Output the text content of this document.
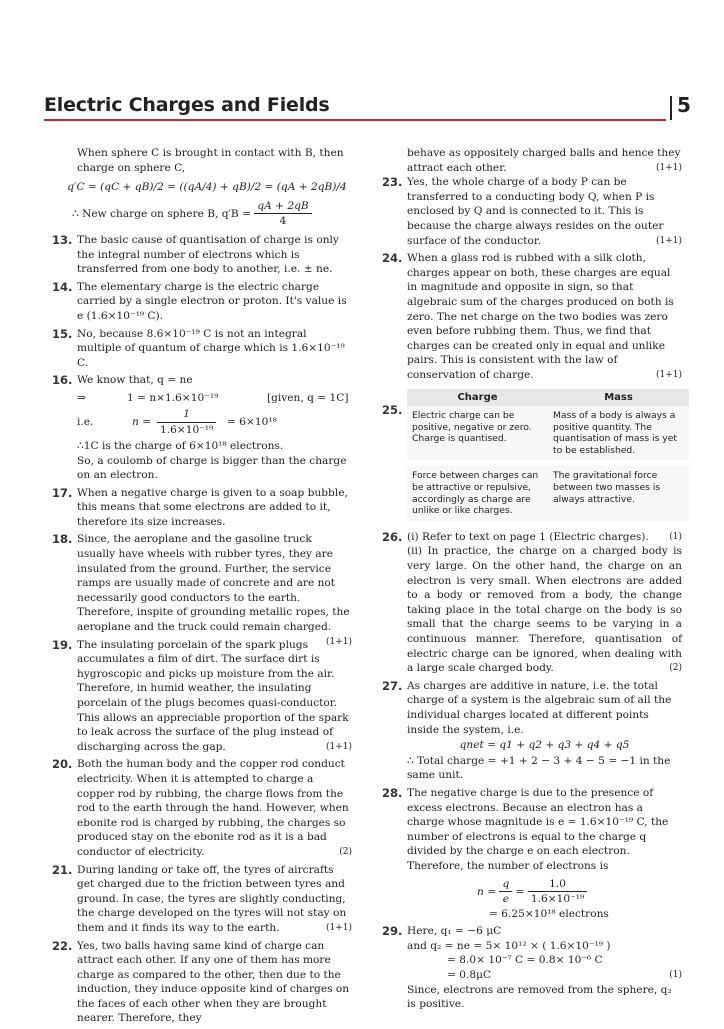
Electric Charges and Fields	5

When sphere C is brought in contact with B, then charge on sphere C,

q′C = (qC + qB)/2 = ((qA/4) + qB)/2 = (qA + 2qB)/4
∴ New charge on sphere B, $q'B = \frac{qA + 2qB}{4}$
13. The basic cause of quantisation of charge is only the integral number of electrons which is transferred from one body to another, i.e. ± ne.
14. The elementary charge is the electric charge carried by a single electron or proton. It's value is e (1.6×10⁻¹⁹ C).
15. No, because 8.6×10⁻¹⁹ C is not an integral multiple of quantum of charge which is 1.6×10⁻¹⁹ C.
16. We know that, q = ne
⇒	1 = n×1.6×10⁻¹⁹	[given, q = 1C]
i.e.	$n = \frac{1}{\text{1.6×10⁻¹⁹}} = 6\times 10^{18}$

∴1C is the charge of 6×10¹⁸ electrons.

So, a coulomb of charge is bigger than the charge on an electron.

17. When a negative charge is given to a soap bubble, this means that some electrons are added to it, therefore its size increases.
18. Since, the aeroplane and the gasoline truck usually have wheels with rubber tyres, they are insulated from the ground. Further, the service ramps are usually made of concrete and are not necessarily good conductors to the earth. Therefore, inspite of grounding metallic ropes, the aeroplane and the truck could remain charged.
(1+1)
19. The insulating porcelain of the spark plugs accumulates a film of dirt. The surface dirt is hygroscopic and picks up moisture from the air. Therefore, in humid weather, the insulating porcelain of the plugs becomes quasi-conductor. This allows an appreciable proportion of the spark to leak across the surface of the plug instead of discharging across the gap.	(1+1)
20. Both the human body and the copper rod conduct electricity. When it is attempted to charge a copper rod by rubbing, the charge flows from the rod to the earth through the hand. However, when ebonite rod is charged by rubbing, the charges so produced stay on the ebonite rod as it is a bad conductor of electricity.	(2)
21. During landing or take off, the tyres of aircrafts get charged due to the friction between tyres and ground. In case, the tyres are slightly conducting, the charge developed on the tyres will not stay on them and it finds its way to the earth.	(1+1)
22. Yes, two balls having same kind of charge can attract each other. If any one of them has more charge as compared to the other, then due to the induction, they induce opposite kind of charges on the faces of each other when they are brought nearer. Therefore, they
behave as oppositely charged balls and hence they attract each other.	(1+1)
23. Yes, the whole charge of a body P can be transferred to a conducting body Q, when P is enclosed by Q and is connected to it. This is because the charge always resides on the outer surface of the conductor.	(1+1)
24. When a glass rod is rubbed with a silk cloth, charges appear on both, these charges are equal in magnitude and opposite in sign, so that algebraic sum of the charges produced on both is zero. The net charge on the two bodies was zero even before rubbing them. Thus, we find that charges can be created only in equal and unlike pairs. This is consistent with the law of conservation of charge.	(1+1)
25.
Charge	Mass
Electric charge can be positive, negative or zero. Charge is quantised.	Mass of a body is always a positive quantity. The quantisation of mass is yet to be established.
Force between charges can be attractive or repulsive, accordingly as charge are unlike or like charges.	The gravitational force between two masses is always attractive.
26. (i) Refer to text on page 1 (Electric charges). (1)
(ii) In practice, the charge on a charged body is very large. On the other hand, the charge on an electron is very small. When electrons are added to a body or removed from a body, the change taking place in the total charge on the body is so small that the charge seems to be varying in a continuous manner. Therefore, quantisation of electric charge can be ignored, when dealing with a large scale charged body.	(2)
27. As charges are additive in nature, i.e. the total charge of a system is the algebraic sum of all the individual charges located at different points inside the system, i.e.
qnet = q1 + q2 + q3 + q4 + q5
∴ Total charge = +1 + 2 − 3 + 4 − 5 = −1 in the same unit.
28. The negative charge is due to the presence of excess electrons. Because an electron has a charge whose magnitude is e = 1.6×10⁻¹⁹ C, the number of electrons is equal to the charge q divided by the charge e on each electron.
Therefore, the number of electrons is
$n = \frac{q}{e} = \frac{1.0}{\text{1.6×10⁻¹⁹}}$
= 6.25×10¹⁸ electrons
29. Here, q₁ = −6 μC
and q₂ = ne = 5× 10¹² × ( 1.6×10⁻¹⁹ )
= 8.0× 10⁻⁷ C = 0.8× 10⁻⁶ C
= 0.8μC	(1)
Since, electrons are removed from the sphere, q₂ is positive.
